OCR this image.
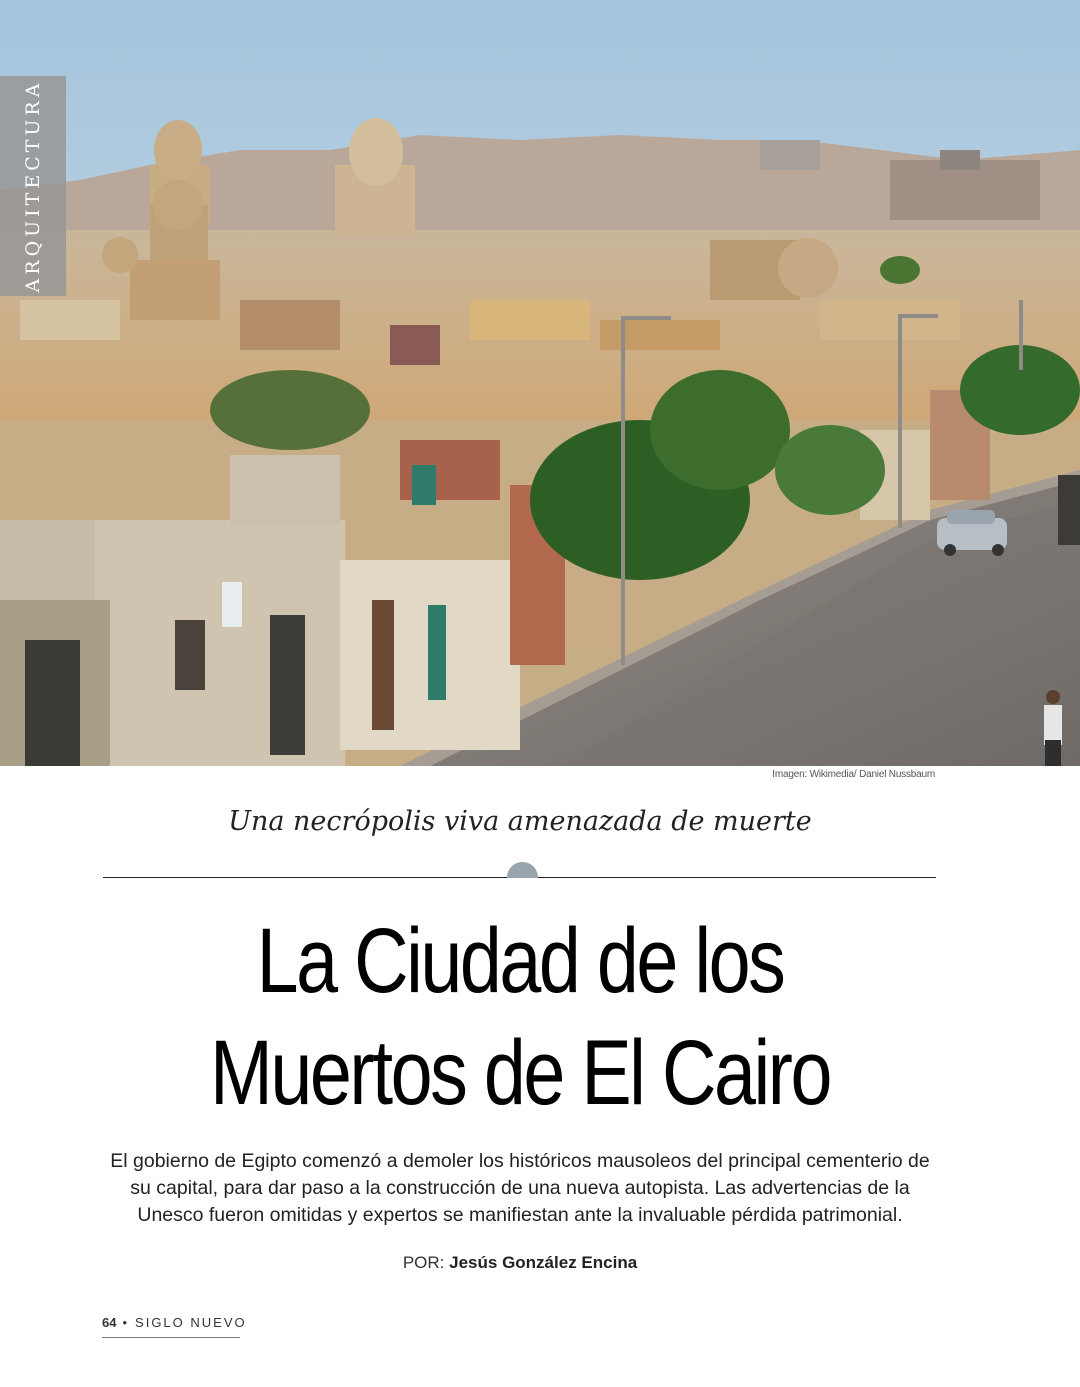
ARQUITECTURA
Imagen: Wikimedia/ Daniel Nussbaum
Una necrópolis viva amenazada de muerte
La Ciudad de los
Muertos de El Cairo
El gobierno de Egipto comenzó a demoler los históricos mausoleos del principal cementerio de su capital, para dar paso a la construcción de una nueva autopista. Las advertencias de la Unesco fueron omitidas y expertos se manifiestan ante la invaluable pérdida patrimonial.
POR: Jesús González Encina
64 • SIGLO NUEVO
